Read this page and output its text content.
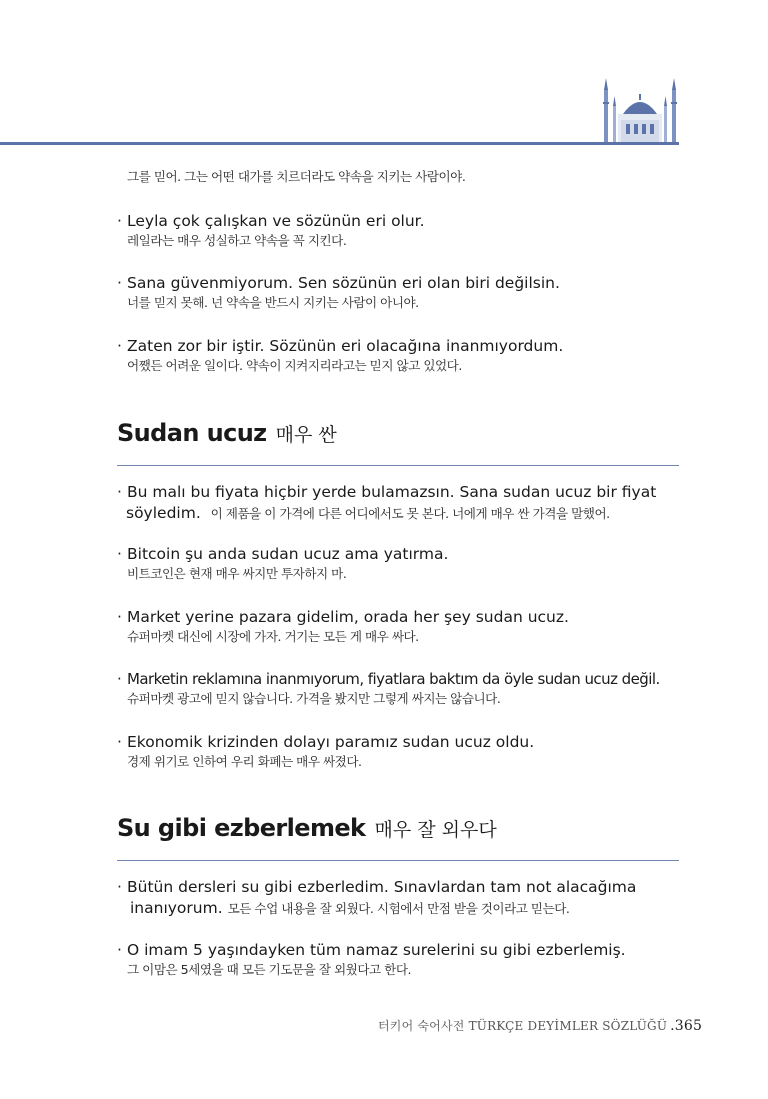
그를 믿어. 그는 어떤 대가를 치르더라도 약속을 지키는 사람이야.
· Leyla çok çalışkan ve sözünün eri olur.
레일라는 매우 성실하고 약속을 꼭 지킨다.
· Sana güvenmiyorum. Sen sözünün eri olan biri değilsin.
너를 믿지 못해. 넌 약속을 반드시 지키는 사람이 아니야.
· Zaten zor bir iştir. Sözünün eri olacağına inanmıyordum.
어쨌든 어려운 일이다. 약속이 지켜지리라고는 믿지 않고 있었다.
Sudan ucuz 매우 싼
· Bu malı bu fiyata hiçbir yerde bulamazsın. Sana sudan ucuz bir fiyat
söyledim. 이 제품을 이 가격에 다른 어디에서도 못 본다. 너에게 매우 싼 가격을 말했어.
· Bitcoin şu anda sudan ucuz ama yatırma.
비트코인은 현재 매우 싸지만 투자하지 마.
· Market yerine pazara gidelim, orada her şey sudan ucuz.
슈퍼마켓 대신에 시장에 가자. 거기는 모든 게 매우 싸다.
· Marketin reklamına inanmıyorum, fiyatlara baktım da öyle sudan ucuz değil.
슈퍼마켓 광고에 믿지 않습니다. 가격을 봤지만 그렇게 싸지는 않습니다.
· Ekonomik krizinden dolayı paramız sudan ucuz oldu.
경제 위기로 인하여 우리 화폐는 매우 싸졌다.
Su gibi ezberlemek 매우 잘 외우다
· Bütün dersleri su gibi ezberledim. Sınavlardan tam not alacağıma
inanıyorum. 모든 수업 내용을 잘 외웠다. 시험에서 만점 받을 것이라고 믿는다.
· O imam 5 yaşındayken tüm namaz surelerini su gibi ezberlemiş.
그 이맘은 5세였을 때 모든 기도문을 잘 외웠다고 한다.
터키어 숙어사전 TÜRKÇE DEYİMLER SÖZLÜĞÜ .365
